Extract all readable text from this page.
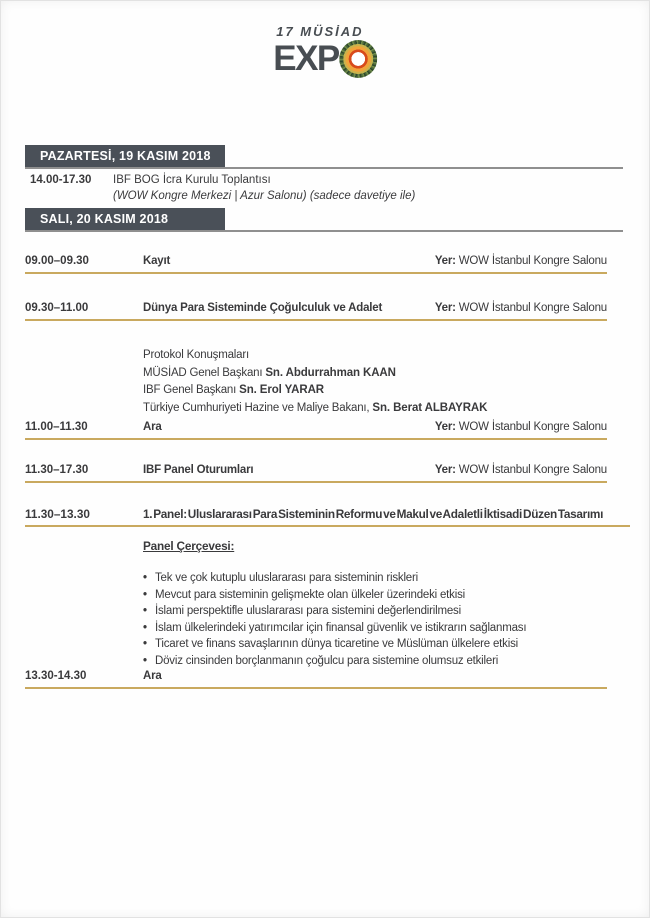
17 MÜSİAD
EXP
PAZARTESİ, 19 KASIM 2018
14.00-17.30	IBF BOG İcra Kurulu Toplantısı
(WOW Kongre Merkezi | Azur Salonu) (sadece davetiye ile)
SALI, 20 KASIM 2018
09.00–09.30	Kayıt	Yer: WOW İstanbul Kongre Salonu
09.30–11.00	Dünya Para Sisteminde Çoğulculuk ve Adalet	Yer: WOW İstanbul Kongre Salonu
Protokol Konuşmaları
MÜSİAD Genel Başkanı Sn. Abdurrahman KAAN
IBF Genel Başkanı Sn. Erol YARAR
Türkiye Cumhuriyeti Hazine ve Maliye Bakanı, Sn. Berat ALBAYRAK
11.00–11.30	Ara	Yer: WOW İstanbul Kongre Salonu
11.30–17.30	IBF Panel Oturumları	Yer: WOW İstanbul Kongre Salonu
11.30–13.30	1. Panel: Uluslararası Para Sisteminin Reformu ve Makul ve Adaletli İktisadi Düzen Tasarımı
Panel Çerçevesi:
• Tek ve çok kutuplu uluslararası para sisteminin riskleri
• Mevcut para sisteminin gelişmekte olan ülkeler üzerindeki etkisi
• İslami perspektifle uluslararası para sistemini değerlendirilmesi
• İslam ülkelerindeki yatırımcılar için finansal güvenlik ve istikrarın sağlanması
• Ticaret ve finans savaşlarının dünya ticaretine ve Müslüman ülkelere etkisi
• Döviz cinsinden borçlanmanın çoğulcu para sistemine olumsuz etkileri
13.30-14.30	Ara
